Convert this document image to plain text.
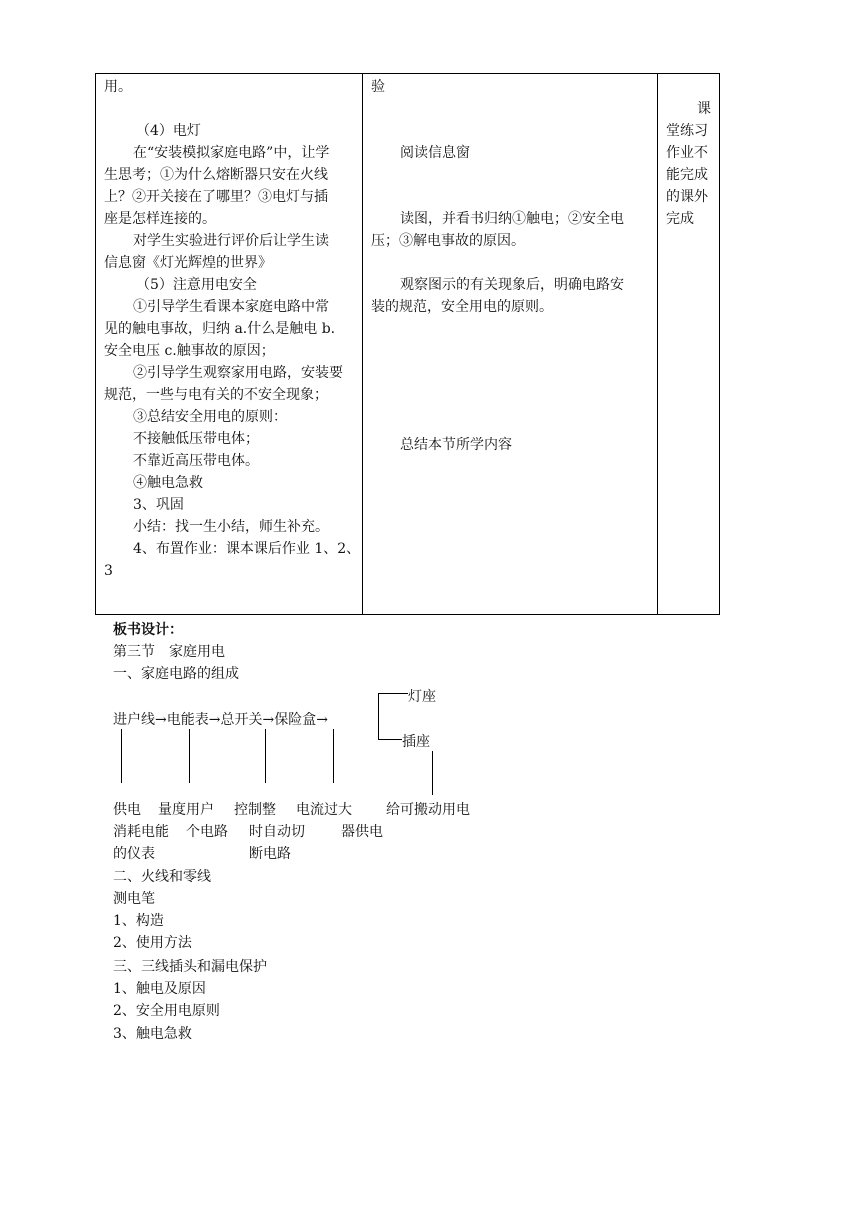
用。
（4）电灯
在“安装模拟家庭电路”中，让学
生思考；①为什么熔断器只安在火线
上？②开关接在了哪里？③电灯与插
座是怎样连接的。
对学生实验进行评价后让学生读
信息窗《灯光辉煌的世界》
（5）注意用电安全
①引导学生看课本家庭电路中常
见的触电事故，归纳 a.什么是触电 b.
安全电压 c.触事故的原因；
②引导学生观察家用电路，安装要
规范，一些与电有关的不安全现象；
③总结安全用电的原则：
不接触低压带电体；
不靠近高压带电体。
④触电急救
3、巩固
小结：找一生小结，师生补充。
4、布置作业：课本课后作业 1、2、
3
验
阅读信息窗
读图，并看书归纳①触电；②安全电
压；③解电事故的原因。
观察图示的有关现象后，明确电路安
装的规范，安全用电的原则。
总结本节所学内容
课
堂练习
作业不
能完成
的课外
完成
板书设计：
第三节　家庭用电
一、家庭电路的组成
进户线→电能表→总开关→保险盒→
灯座
插座
供电 量度用户
消耗电能
的仪表
控制整
个电路
电流过大
时自动切
断电路
给可搬动用电
器供电
二、火线和零线
测电笔
1、构造
2、使用方法
三、三线插头和漏电保护
1、触电及原因
2、安全用电原则
3、触电急救
